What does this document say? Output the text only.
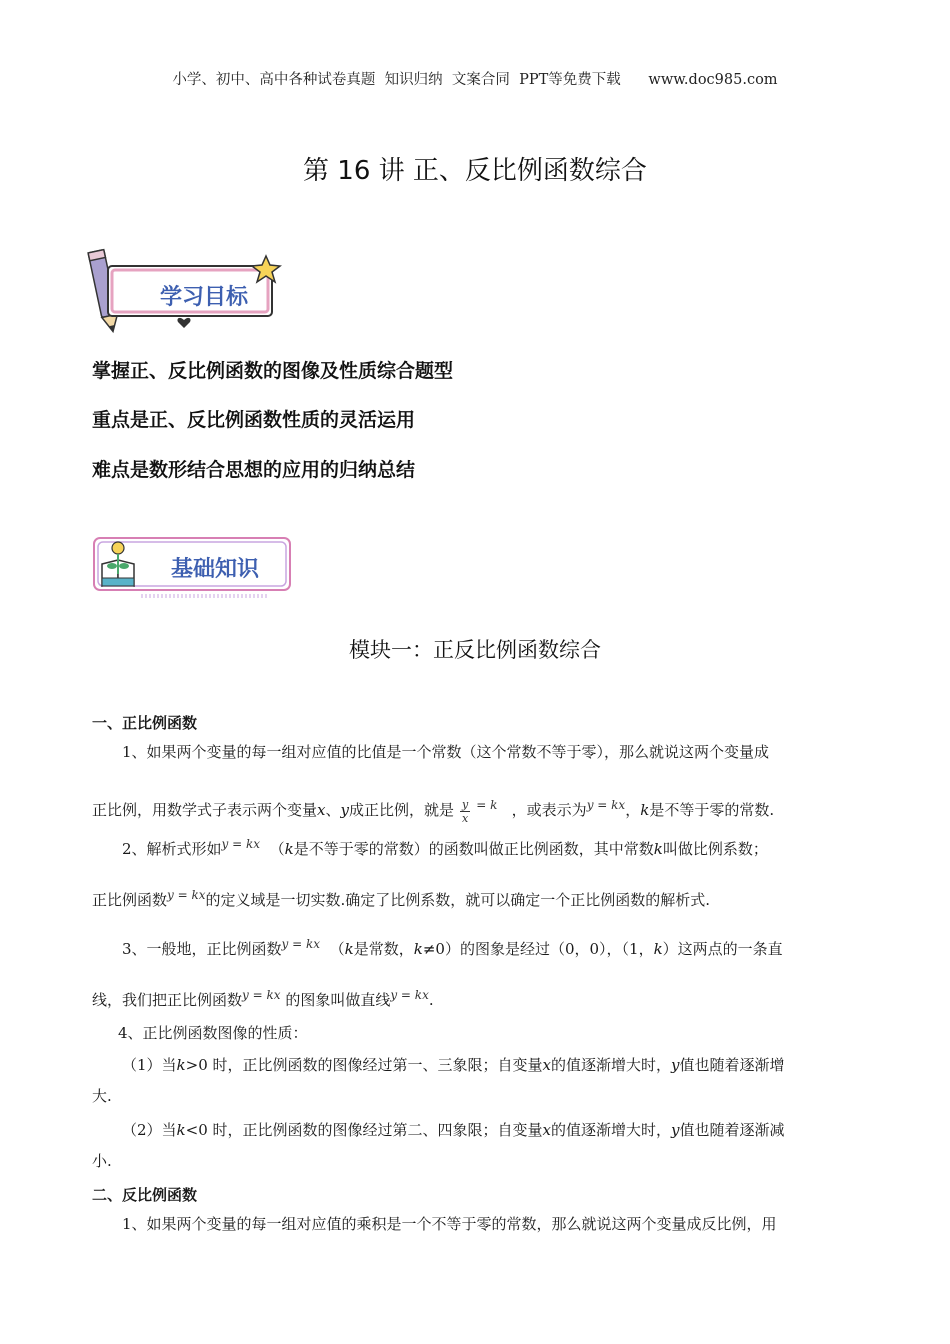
小学、初中、高中各种试卷真题  知识归纳  文案合同  PPT等免费下载      www.doc985.com
第 16 讲 正、反比例函数综合
学习目标
掌握正、反比例函数的图像及性质综合题型
重点是正、反比例函数性质的灵活运用
难点是数形结合思想的应用的归纳总结
基础知识
模块一：正反比例函数综合
一、正比例函数
1、如果两个变量的每一组对应值的比值是一个常数（这个常数不等于零），那么就说这两个变量成
正比例，用数学式子表示两个变量x、y成正比例，就是 $\frac{y}{x} ^{= k}$ ，或表示为$^{y = kx}$，k是不等于零的常数.
2、解析式形如$^{y = kx}$ （k是不等于零的常数）的函数叫做正比例函数，其中常数k叫做比例系数；
正比例函数$^{y = kx}$的定义域是一切实数.确定了比例系数，就可以确定一个正比例函数的解析式.
3、一般地，正比例函数$^{y = kx}$ （k是常数，k≠0）的图象是经过（0，0），（1，k）这两点的一条直
线，我们把正比例函数$^{y = kx}$ 的图象叫做直线$^{y = kx}$.
4、正比例函数图像的性质：
（1）当k>0 时，正比例函数的图像经过第一、三象限；自变量x的值逐渐增大时，y值也随着逐渐增
大.
（2）当k<0 时，正比例函数的图像经过第二、四象限；自变量x的值逐渐增大时，y值也随着逐渐减
小.
二、反比例函数
1、如果两个变量的每一组对应值的乘积是一个不等于零的常数，那么就说这两个变量成反比例，用
